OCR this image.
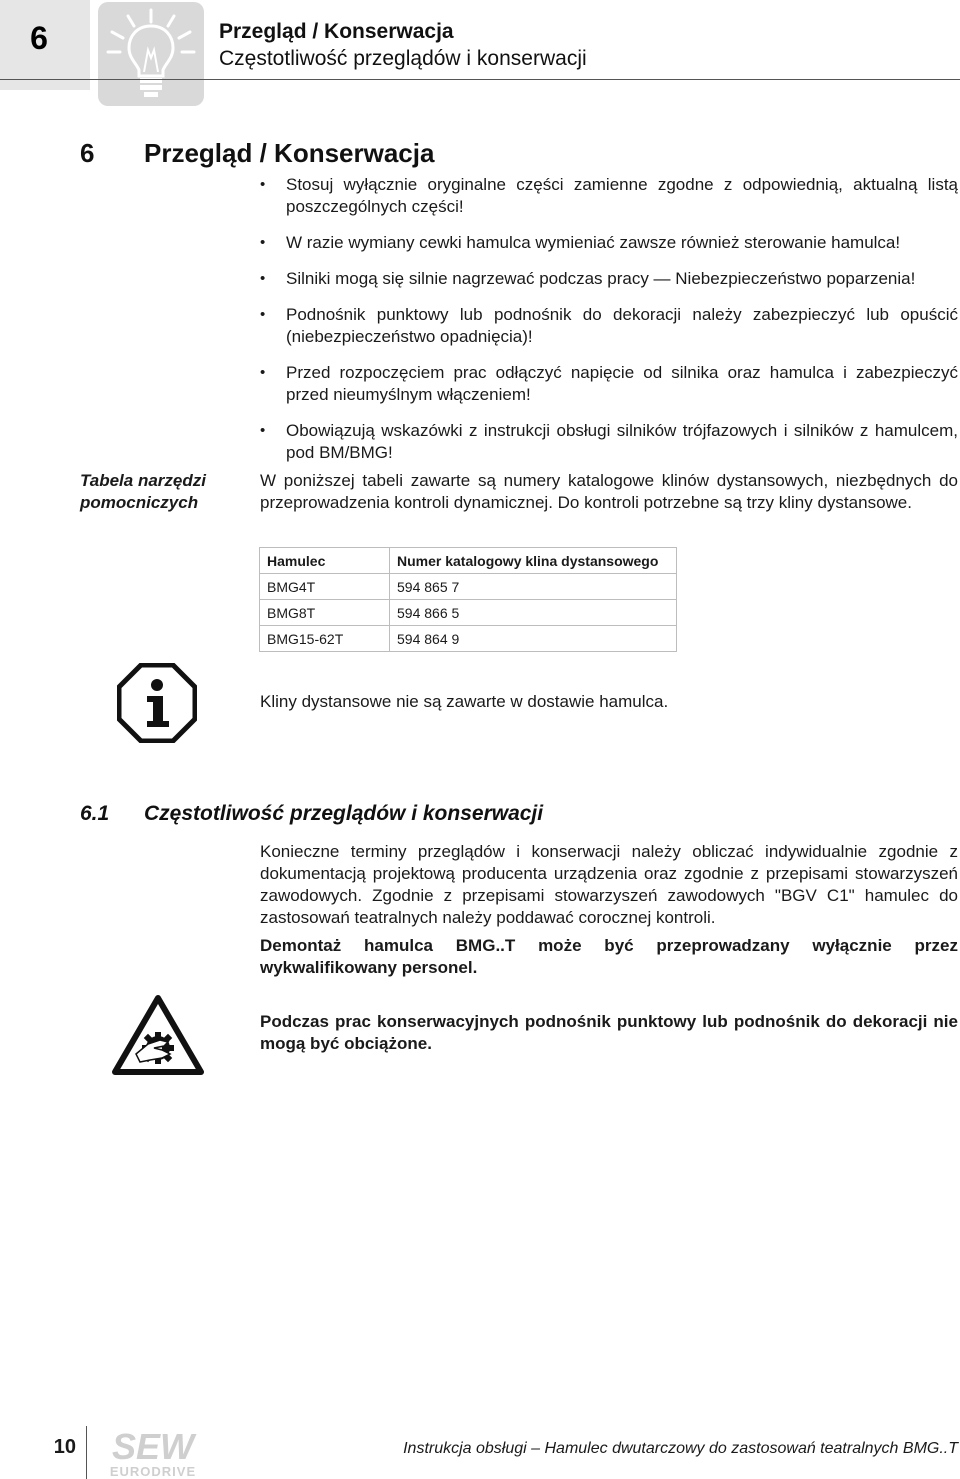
6	Przegląd / Konserwacja
Częstotliwość przeglądów i konserwacji
6 Przegląd / Konserwacja
• Stosuj wyłącznie oryginalne części zamienne zgodne z odpowiednią, aktualną listą poszczególnych części!
• W razie wymiany cewki hamulca wymieniać zawsze również sterowanie hamulca!
• Silniki mogą się silnie nagrzewać podczas pracy — Niebezpieczeństwo poparzenia!
• Podnośnik punktowy lub podnośnik do dekoracji należy zabezpieczyć lub opuścić (niebezpieczeństwo opadnięcia)!
• Przed rozpoczęciem prac odłączyć napięcie od silnika oraz hamulca i zabezpieczyć przed nieumyślnym włączeniem!
• Obowiązują wskazówki z instrukcji obsługi silników trójfazowych i silników z hamulcem, pod BM/BMG!
Tabela narzędzi pomocniczych

W poniższej tabeli zawarte są numery katalogowe klinów dystansowych, niezbędnych do przeprowadzenia kontroli dynamicznej. Do kontroli potrzebne są trzy kliny dystansowe.

Hamulec	Numer katalogowy klina dystansowego
BMG4T	594 865 7
BMG8T	594 866 5
BMG15-62T	594 864 9
Kliny dystansowe nie są zawarte w dostawie hamulca.
6.1 Częstotliwość przeglądów i konserwacji

Konieczne terminy przeglądów i konserwacji należy obliczać indywidualnie zgodnie z dokumentacją projektową producenta urządzenia oraz zgodnie z przepisami stowarzyszeń zawodowych. Zgodnie z przepisami stowarzyszeń zawodowych "BGV C1" hamulec do zastosowań teatralnych należy poddawać corocznej kontroli.

Demontaż hamulca BMG..T może być przeprowadzany wyłącznie przez wykwalifikowany personel.

Podczas prac konserwacyjnych podnośnik punktowy lub podnośnik do dekoracji nie mogą być obciążone.

10 SEW
EURODRIVE
Instrukcja obsługi – Hamulec dwutarczowy do zastosowań teatralnych BMG..T
